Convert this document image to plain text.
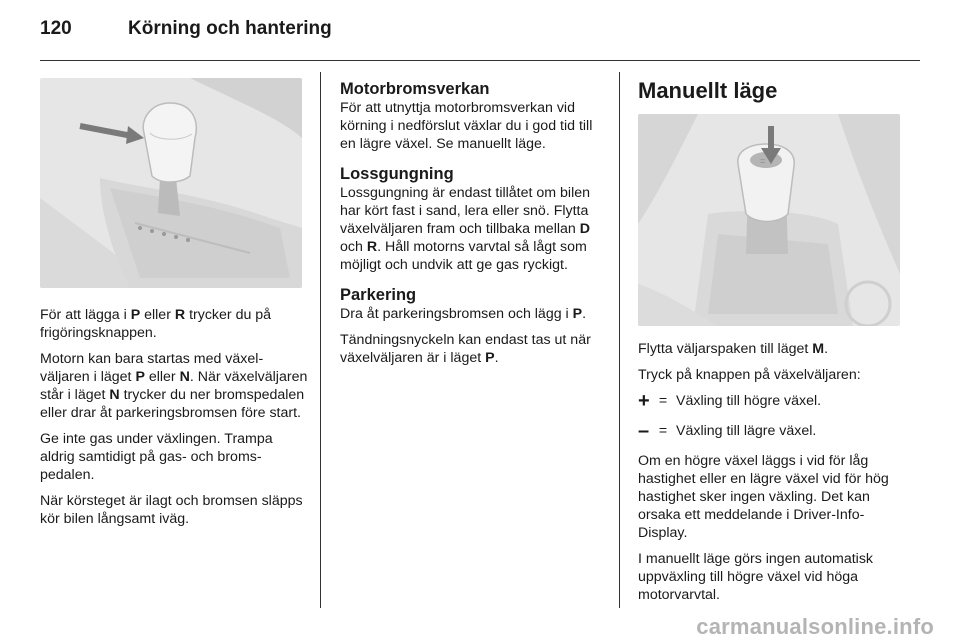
120	Körning och hantering

För att lägga i P eller R trycker du på frigöringsknappen.

Motorn kan bara startas med växelväljaren i läget P eller N. När växelväljaren står i läget N trycker du ner bromspedalen eller drar åt parkeringsbromsen före start.

Ge inte gas under växlingen. Trampa aldrig samtidigt på gas- och bromspedalen.

När körsteget är ilagt och bromsen släpps kör bilen långsamt iväg.

Motorbromsverkan

För att utnyttja motorbromsverkan vid körning i nedförslut växlar du i god tid till en lägre växel. Se manuellt läge.

Lossgungning

Lossgungning är endast tillåtet om bilen har kört fast i sand, lera eller snö. Flytta växelväljaren fram och tillbaka mellan D och R. Håll motorns varvtal så lågt som möjligt och undvik att ge gas ryckigt.

Parkering

Dra åt parkeringsbromsen och lägg i P.

Tändningsnyckeln kan endast tas ut när växelväljaren är i läget P.

Manuellt läge
=

Flytta väljarspaken till läget M.

Tryck på knappen på växelväljaren:

+ = Växling till högre växel.
– = Växling till lägre växel.

Om en högre växel läggs i vid för låg hastighet eller en lägre växel vid för hög hastighet sker ingen växling. Det kan orsaka ett meddelande i Driver-Info-Display.

I manuellt läge görs ingen automatisk uppväxling till högre växel vid höga motorvarvtal.

carmanualsonline.info
